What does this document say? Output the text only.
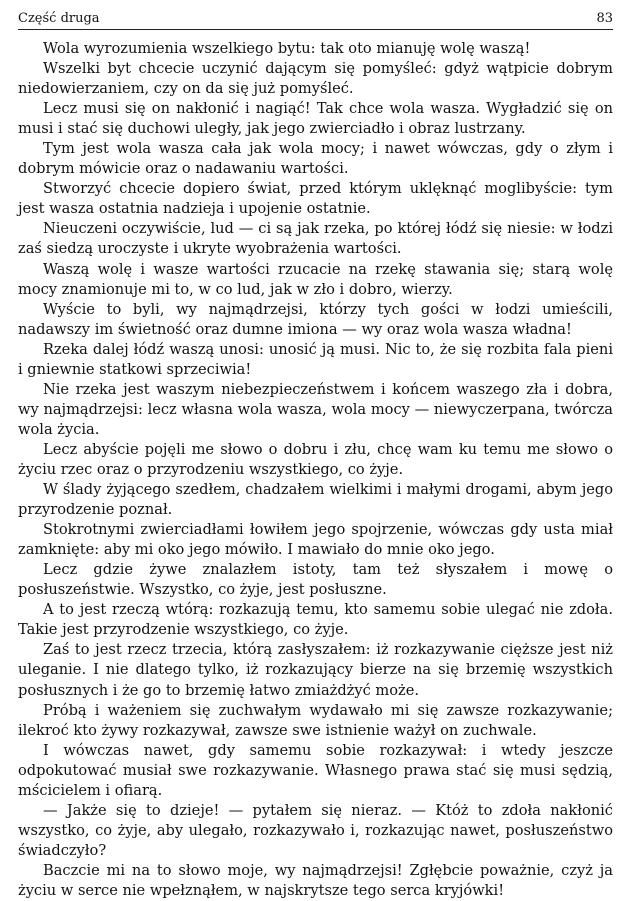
Część druga	83

Wola wyrozumienia wszelkiego bytu: tak oto mianuję wolę waszą!

Wszelki byt chcecie uczynić dającym się pomyśleć: gdyż wątpicie dobrym niedowierzaniem, czy on da się już pomyśleć.

Lecz musi się on nakłonić i nagiąć! Tak chce wola wasza. Wygładzić się on musi i stać się duchowi uległy, jak jego zwierciadło i obraz lustrzany.

Tym jest wola wasza cała jak wola mocy; i nawet wówczas, gdy o złym i dobrym mówicie oraz o nadawaniu wartości.

Stworzyć chcecie dopiero świat, przed którym uklęknąć moglibyście: tym jest wasza ostatnia nadzieja i upojenie ostatnie.

Nieuczeni oczywiście, lud — ci są jak rzeka, po której łódź się niesie: w łodzi zaś siedzą uroczyste i ukryte wyobrażenia wartości.

Waszą wolę i wasze wartości rzucacie na rzekę stawania się; starą wolę mocy znamionuje mi to, w co lud, jak w zło i dobro, wierzy.

Wyście to byli, wy najmądrzejsi, którzy tych gości w łodzi umieścili, nadawszy im świetność oraz dumne imiona — wy oraz wola wasza władna!

Rzeka dalej łódź waszą unosi: unosić ją musi. Nic to, że się rozbita fala pieni i gniewnie statkowi sprzeciwia!

Nie rzeka jest waszym niebezpieczeństwem i końcem waszego zła i dobra, wy najmądrzejsi: lecz własna wola wasza, wola mocy — niewyczerpana, twórcza wola życia.

Lecz abyście pojęli me słowo o dobru i złu, chcę wam ku temu me słowo o życiu rzec oraz o przyrodzeniu wszystkiego, co żyje.

W ślady żyjącego szedłem, chadzałem wielkimi i małymi drogami, abym jego przyrodzenie poznał.

Stokrotnymi zwierciadłami łowiłem jego spojrzenie, wówczas gdy usta miał zamknięte: aby mi oko jego mówiło. I mawiało do mnie oko jego.

Lecz gdzie żywe znalazłem istoty, tam też słyszałem i mowę o posłuszeństwie. Wszystko, co żyje, jest posłuszne.

A to jest rzeczą wtórą: rozkazują temu, kto samemu sobie ulegać nie zdoła. Takie jest przyrodzenie wszystkiego, co żyje.

Zaś to jest rzecz trzecia, którą zasłyszałem: iż rozkazywanie cięższe jest niż uleganie. I nie dlatego tylko, iż rozkazujący bierze na się brzemię wszystkich posłusznych i że go to brzemię łatwo zmiażdżyć może.

Próbą i ważeniem się zuchwałym wydawało mi się zawsze rozkazywanie; ilekroć kto żywy rozkazywał, zawsze swe istnienie ważył on zuchwale.

I wówczas nawet, gdy samemu sobie rozkazywał: i wtedy jeszcze odpokutować musiał swe rozkazywanie. Własnego prawa stać się musi sędzią, mścicielem i ofiarą.

— Jakże się to dzieje! — pytałem się nieraz. — Któż to zdoła nakłonić wszystko, co żyje, aby ulegało, rozkazywało i, rozkazując nawet, posłuszeństwo świadczyło?

Baczcie mi na to słowo moje, wy najmądrzejsi! Zgłębcie poważnie, czyż ja życiu w serce nie wpełznąłem, w najskrytsze tego serca kryjówki!
